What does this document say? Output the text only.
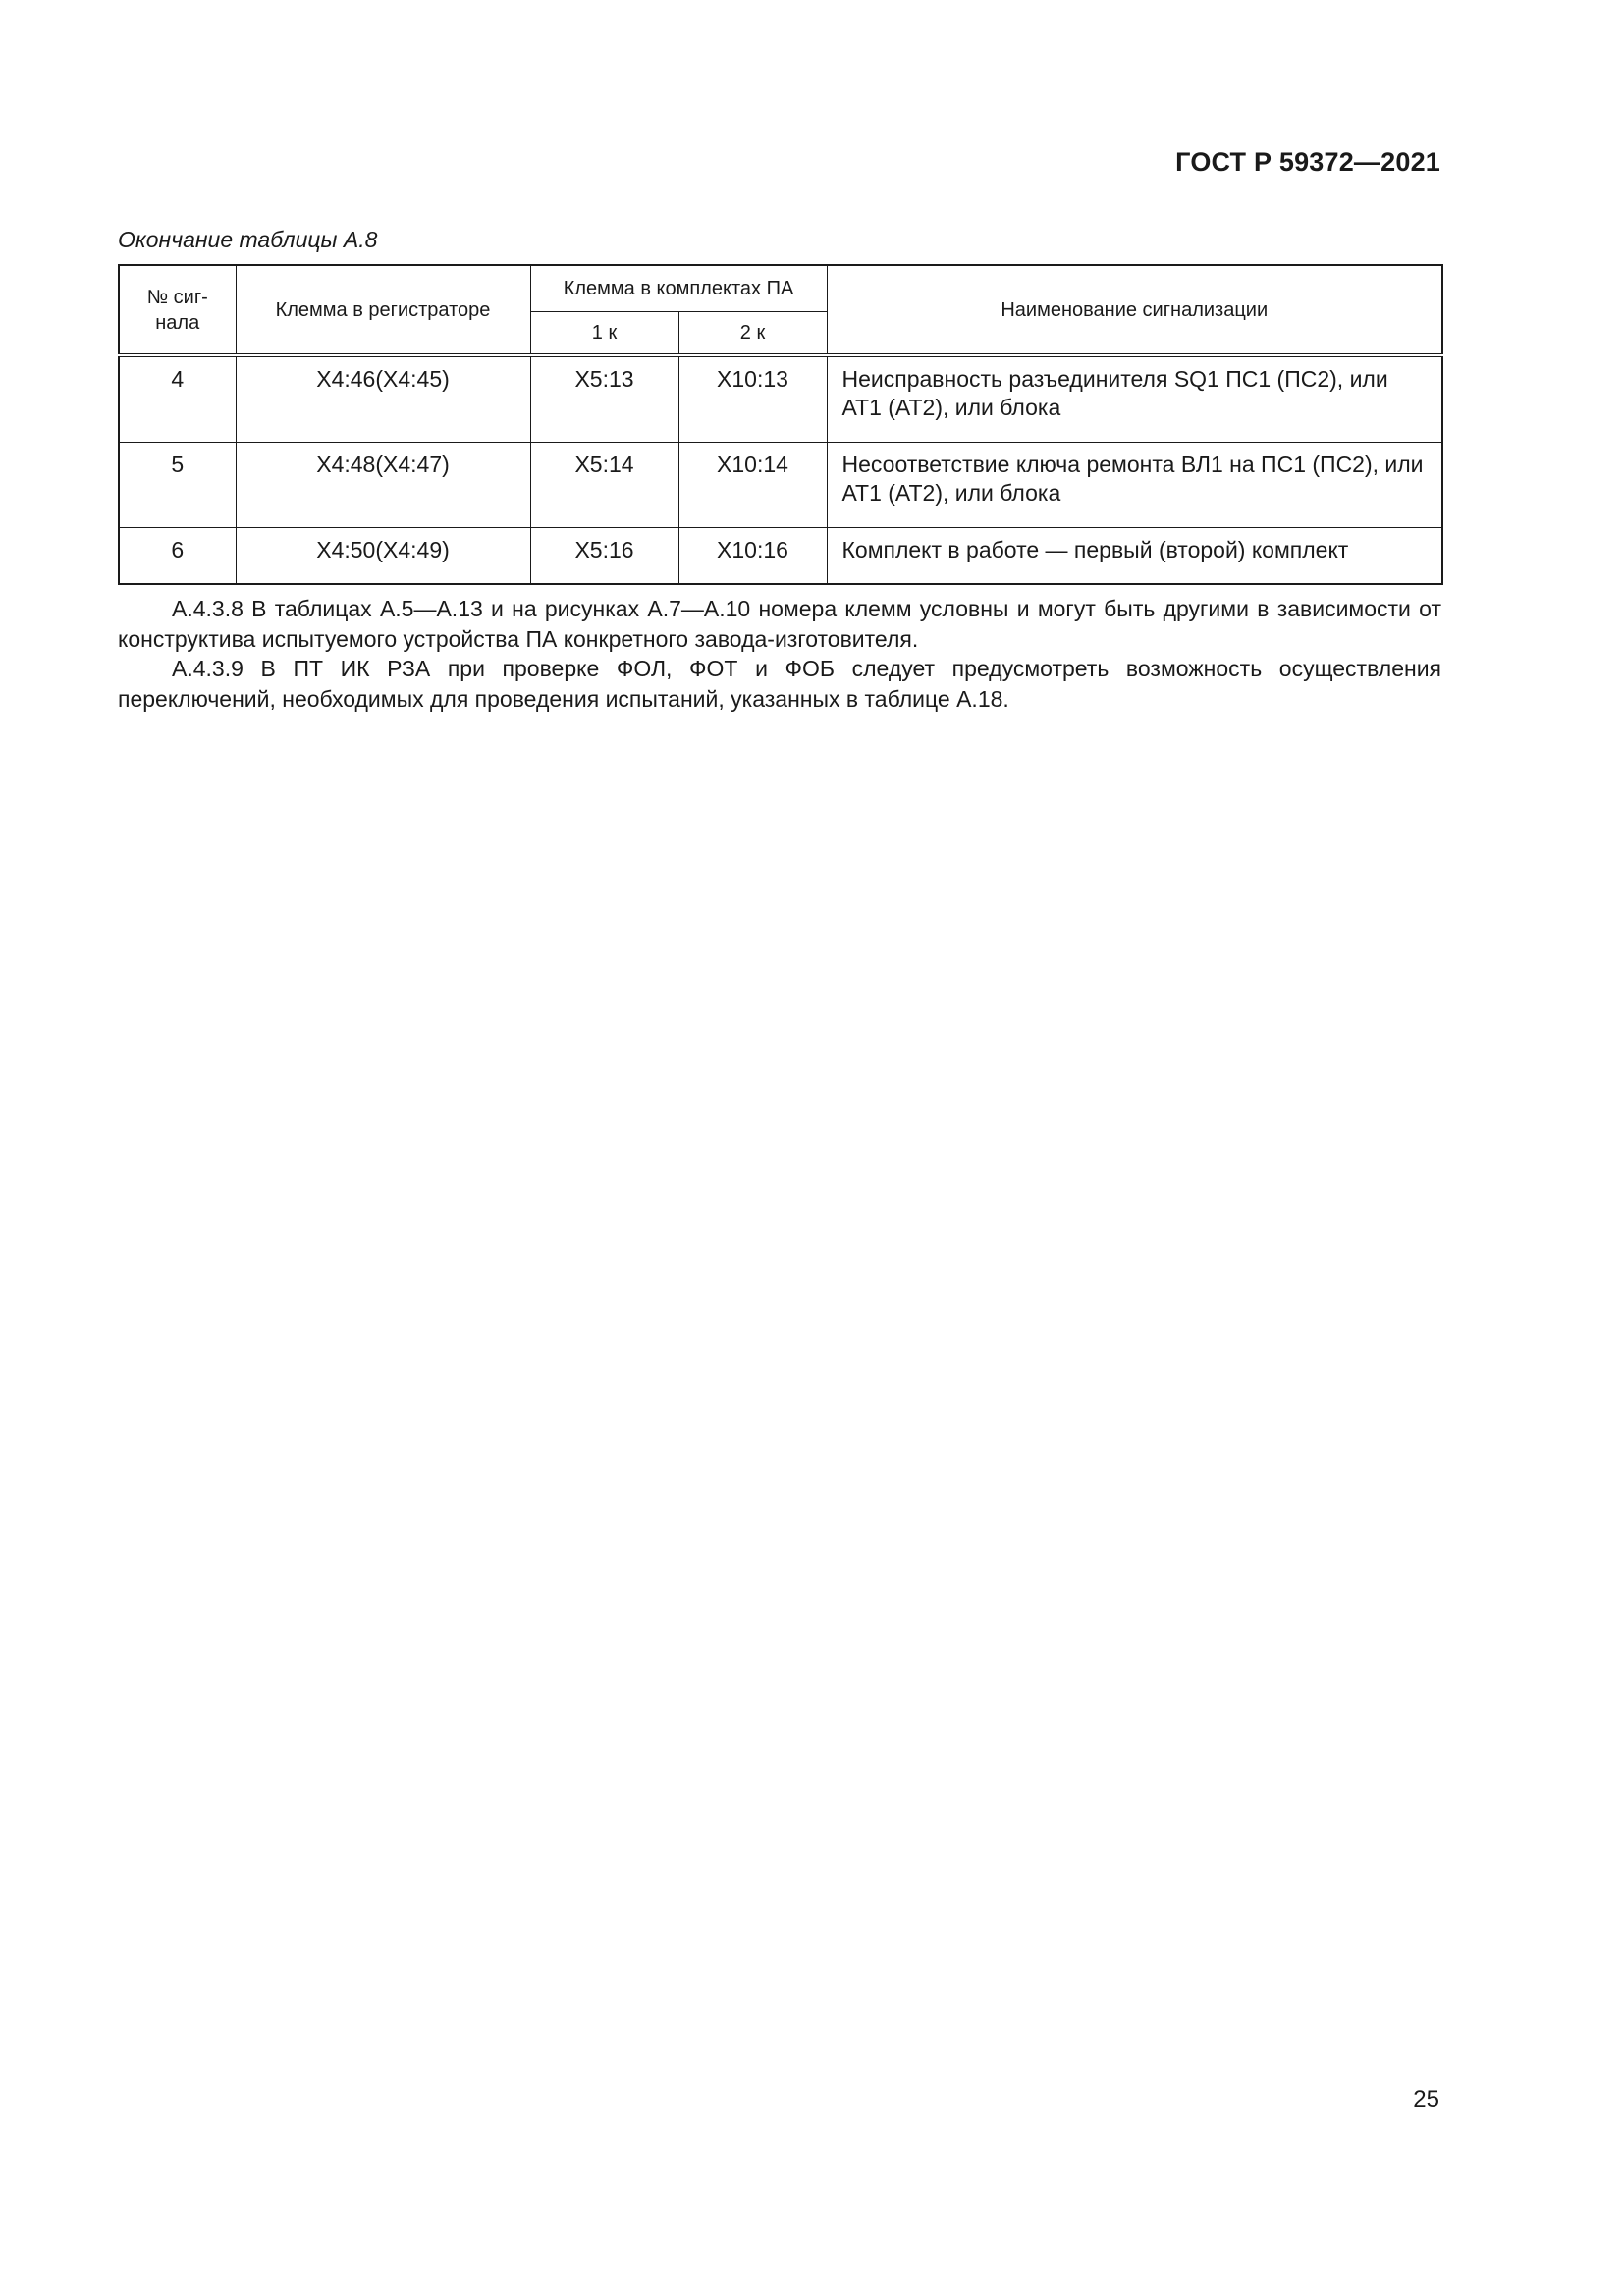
ГОСТ Р 59372—2021
Окончание таблицы А.8
№ сиг-
нала	Клемма в регистраторе	Клемма в комплектах ПА		Наименование сигнализации
		1 к	2 к	
4	X4:46(X4:45)	X5:13	X10:13	Неисправность разъединителя SQ1 ПС1 (ПС2), или АТ1 (АТ2), или блока
5	X4:48(X4:47)	X5:14	X10:14	Несоответствие ключа ремонта ВЛ1 на ПС1 (ПС2), или АТ1 (АТ2), или блока
6	X4:50(X4:49)	X5:16	X10:16	Комплект в работе — первый (второй) комплект

А.4.3.8 В таблицах А.5—А.13 и на рисунках А.7—А.10 номера клемм условны и могут быть другими в зависимости от конструктива испытуемого устройства ПА конкретного завода-изготовителя.

А.4.3.9 В ПТ ИК РЗА при проверке ФОЛ, ФОТ и ФОБ следует предусмотреть возможность осуществления переключений, необходимых для проведения испытаний, указанных в таблице А.18.

25
